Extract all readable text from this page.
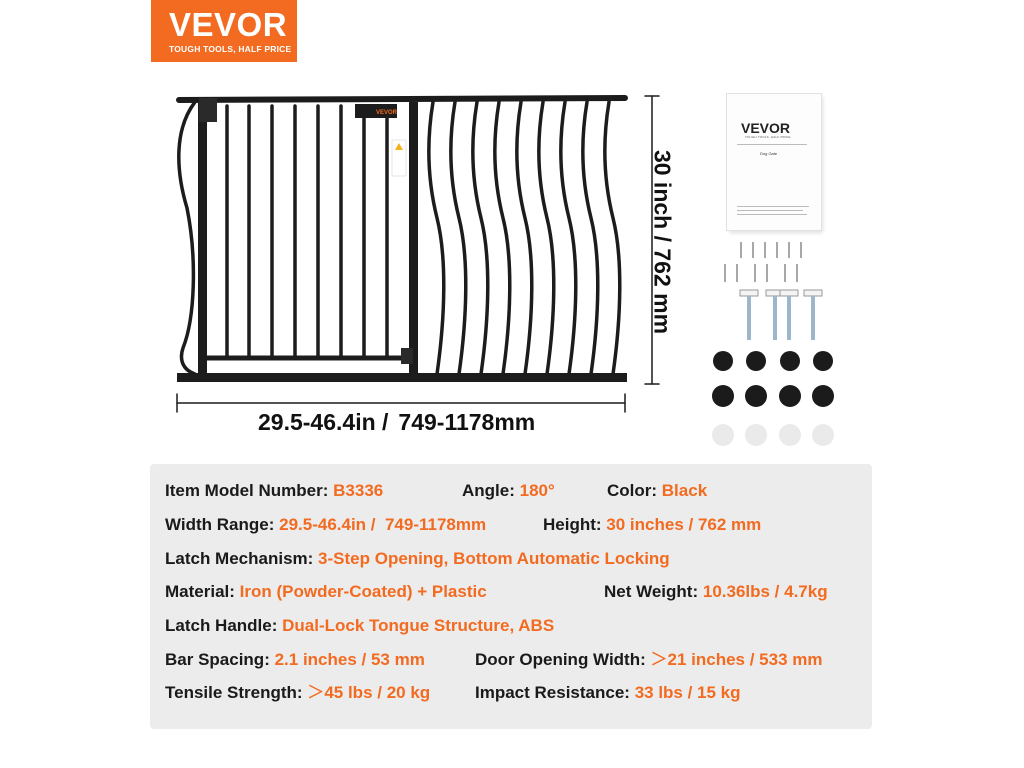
VEVOR
TOUGH TOOLS, HALF PRICE
VEVOR
30 inch / 762 mm
29.5-46.4in / 749-1178mm
VEVOR
TOUGH TOOLS, HALF PRICE
Dog Gate
Item Model Number: B3336	Angle: 180°	Color: Black
Width Range: 29.5-46.4in /  749-1178mm	Height: 30 inches / 762 mm
Latch Mechanism: 3-Step Opening, Bottom Automatic Locking
Material: Iron (Powder-Coated) + Plastic	Net Weight: 10.36lbs / 4.7kg
Latch Handle: Dual-Lock Tongue Structure, ABS
Bar Spacing: 2.1 inches / 53 mm	Door Opening Width: ＞21 inches / 533 mm
Tensile Strength: ＞45 lbs / 20 kg	Impact Resistance: 33 lbs / 15 kg
